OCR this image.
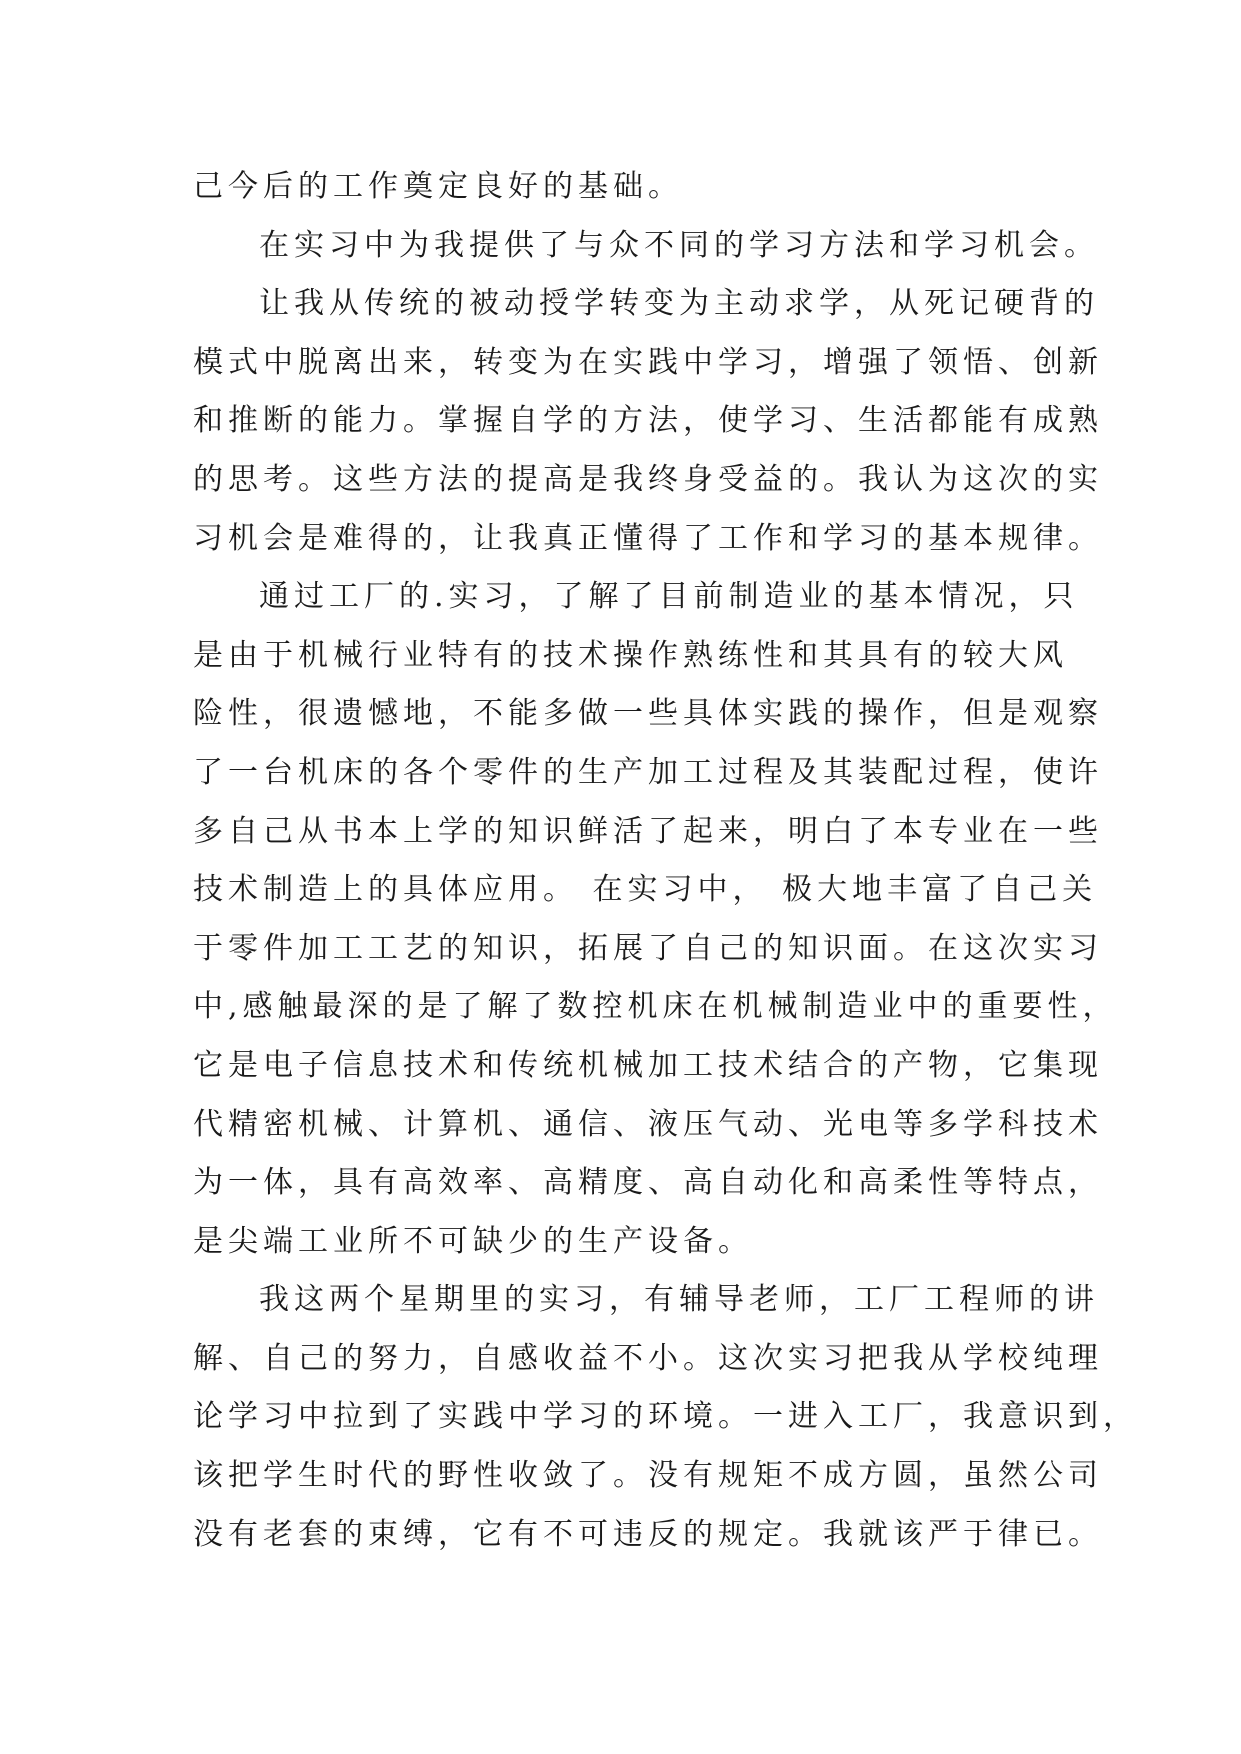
己今后的工作奠定良好的基础。
在实习中为我提供了与众不同的学习方法和学习机会。
让我从传统的被动授学转变为主动求学，从死记硬背的
模式中脱离出来，转变为在实践中学习，增强了领悟、创新
和推断的能力。掌握自学的方法，使学习、生活都能有成熟
的思考。这些方法的提高是我终身受益的。我认为这次的实
习机会是难得的，让我真正懂得了工作和学习的基本规律。
通过工厂的.实习，了解了目前制造业的基本情况，只
是由于机械行业特有的技术操作熟练性和其具有的较大风
险性，很遗憾地，不能多做一些具体实践的操作，但是观察
了一台机床的各个零件的生产加工过程及其装配过程，使许
多自己从书本上学的知识鲜活了起来，明白了本专业在一些
技术制造上的具体应用。 在实习中， 极大地丰富了自己关
于零件加工工艺的知识，拓展了自己的知识面。在这次实习
中,感触最深的是了解了数控机床在机械制造业中的重要性，
它是电子信息技术和传统机械加工技术结合的产物，它集现
代精密机械、计算机、通信、液压气动、光电等多学科技术
为一体，具有高效率、高精度、高自动化和高柔性等特点，
是尖端工业所不可缺少的生产设备。
我这两个星期里的实习，有辅导老师，工厂工程师的讲
解、自己的努力，自感收益不小。这次实习把我从学校纯理
论学习中拉到了实践中学习的环境。一进入工厂，我意识到，
该把学生时代的野性收敛了。没有规矩不成方圆，虽然公司
没有老套的束缚，它有不可违反的规定。我就该严于律已。
